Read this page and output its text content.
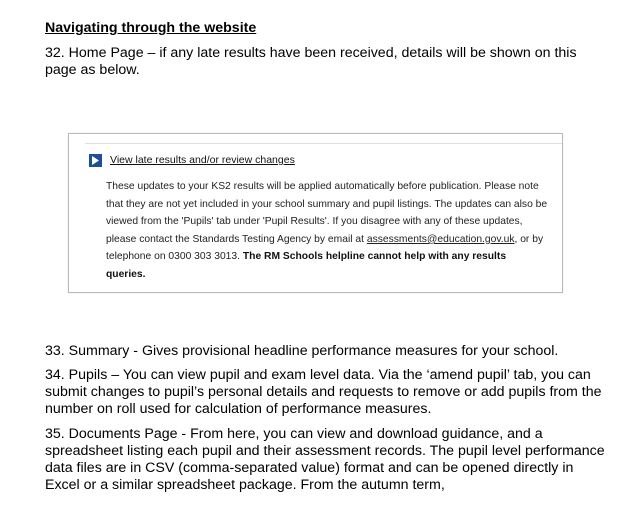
Navigating through the website
32. Home Page – if any late results have been received, details will be shown on this page as below.
33. Summary - Gives provisional headline performance measures for your school.
34. Pupils – You can view pupil and exam level data. Via the ‘amend pupil’ tab, you can submit changes to pupil’s personal details and requests to remove or add pupils from the number on roll used for calculation of performance measures.
35. Documents Page - From here, you can view and download guidance, and a spreadsheet listing each pupil and their assessment records. The pupil level performance data files are in CSV (comma-separated value) format and can be opened directly in Excel or a similar spreadsheet package. From the autumn term,
View late results and/or review changes
These updates to your KS2 results will be applied automatically before publication. Please note that they are not yet included in your school summary and pupil listings. The updates can also be viewed from the 'Pupils' tab under 'Pupil Results'. If you disagree with any of these updates, please contact the Standards Testing Agency by email at assessments@education.gov.uk, or by telephone on 0300 303 3013. The RM Schools helpline cannot help with any results queries.
